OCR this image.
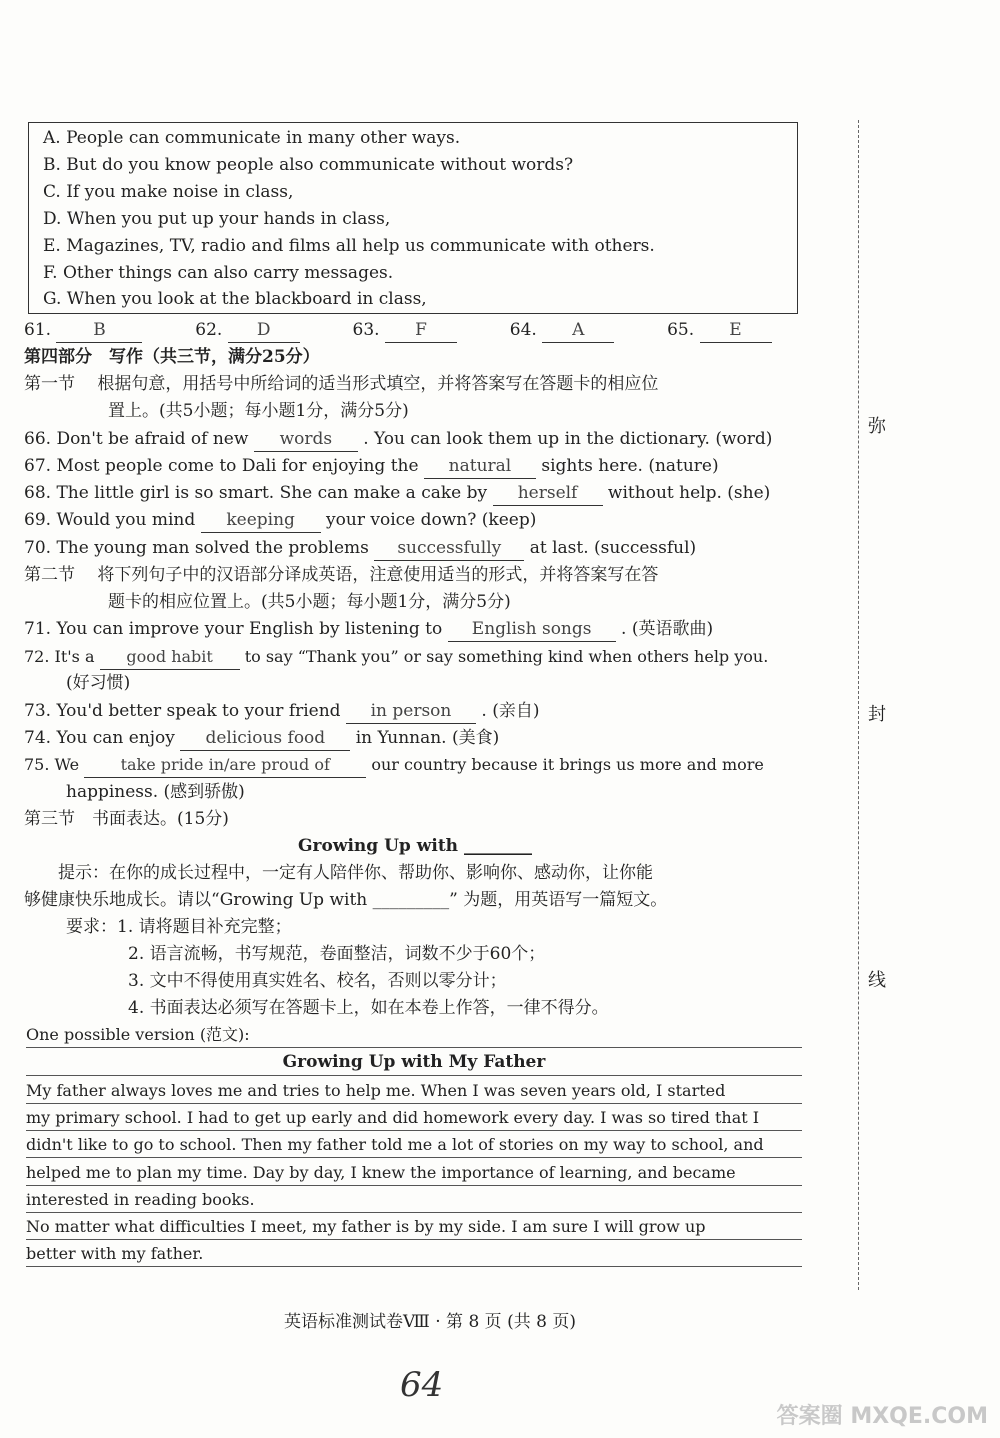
A. People can communicate in many other ways.
B. But do you know people also communicate without words?
C. If you make noise in class,
D. When you put up your hands in class,
E. Magazines, TV, radio and films all help us communicate with others.
F. Other things can also carry messages.
G. When you look at the blackboard in class,
61. B	62. D	63. F	64. A	65. E
第四部分　写作（共三节，满分25分）
第一节　 根据句意，用括号中所给词的适当形式填空，并将答案写在答题卡的相应位
置上。(共5小题；每小题1分，满分5分)
66. Don't be afraid of new words . You can look them up in the dictionary. (word)
67. Most people come to Dali for enjoying the natural sights here. (nature)
68. The little girl is so smart. She can make a cake by herself without help. (she)
69. Would you mind keeping your voice down? (keep)
70. The young man solved the problems successfully at last. (successful)
第二节　 将下列句子中的汉语部分译成英语，注意使用适当的形式，并将答案写在答
题卡的相应位置上。(共5小题；每小题1分，满分5分)
71. You can improve your English by listening to English songs . (英语歌曲)
72. It's a good habit to say “Thank you” or say something kind when others help you.
(好习惯)
73. You'd better speak to your friend in person . (亲自)
74. You can enjoy delicious food in Yunnan. (美食)
75. We take pride in/are proud of our country because it brings us more and more
happiness. (感到骄傲)
第三节　书面表达。(15分)
Growing Up with ________
提示：在你的成长过程中，一定有人陪伴你、帮助你、影响你、感动你，让你能
够健康快乐地成长。请以“Growing Up with _________” 为题，用英语写一篇短文。
要求：1. 请将题目补充完整；
2. 语言流畅，书写规范，卷面整洁，词数不少于60个；
3. 文中不得使用真实姓名、校名，否则以零分计；
4. 书面表达必须写在答题卡上，如在本卷上作答，一律不得分。
One possible version (范文):
Growing Up with My Father
My father always loves me and tries to help me. When I was seven years old, I started
my primary school. I had to get up early and did homework every day. I was so tired that I
didn't like to go to school. Then my father told me a lot of stories on my way to school, and
helped me to plan my time. Day by day, I knew the importance of learning, and became
interested in reading books.
No matter what difficulties I meet, my father is by my side. I am sure I will grow up
better with my father.
弥
封
线
英语标准测试卷Ⅷ · 第 8 页 (共 8 页)
64
答案圈 MXQE.COM
